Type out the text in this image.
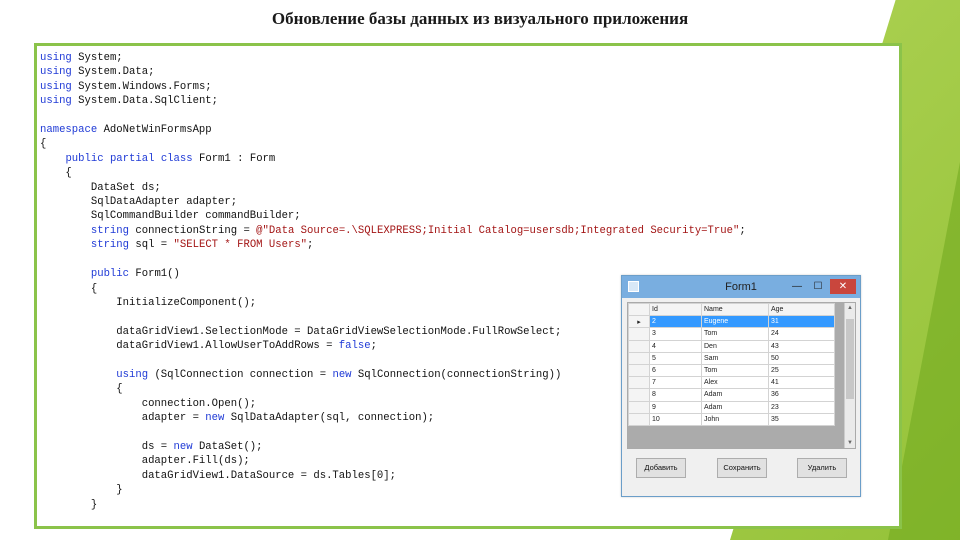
Обновление базы данных из визуального приложения
using System;
using System.Data;
using System.Windows.Forms;
using System.Data.SqlClient;

namespace AdoNetWinFormsApp
{
public partial class Form1 : Form
{
DataSet ds;
SqlDataAdapter adapter;
SqlCommandBuilder commandBuilder;
string connectionString = @"Data Source=.\SQLEXPRESS;Initial Catalog=usersdb;Integrated Security=True";
string sql = "SELECT * FROM Users";

public Form1()
{
InitializeComponent();

dataGridView1.SelectionMode = DataGridViewSelectionMode.FullRowSelect;
dataGridView1.AllowUserToAddRows = false;

using (SqlConnection connection = new SqlConnection(connectionString))
{
connection.Open();
adapter = new SqlDataAdapter(sql, connection);

ds = new DataSet();
adapter.Fill(ds);
dataGridView1.DataSource = ds.Tables[0];
}
}

Form1	—	☐	✕
	Id	Name	Age
▸	2	Eugene	31
	3	Tom	24
	4	Den	43
	5	Sam	50
	6	Tom	25
	7	Alex	41
	8	Adam	36
	9	Adam	23
	10	John	35
▲
▼
Добавить	Сохранить	Удалить
